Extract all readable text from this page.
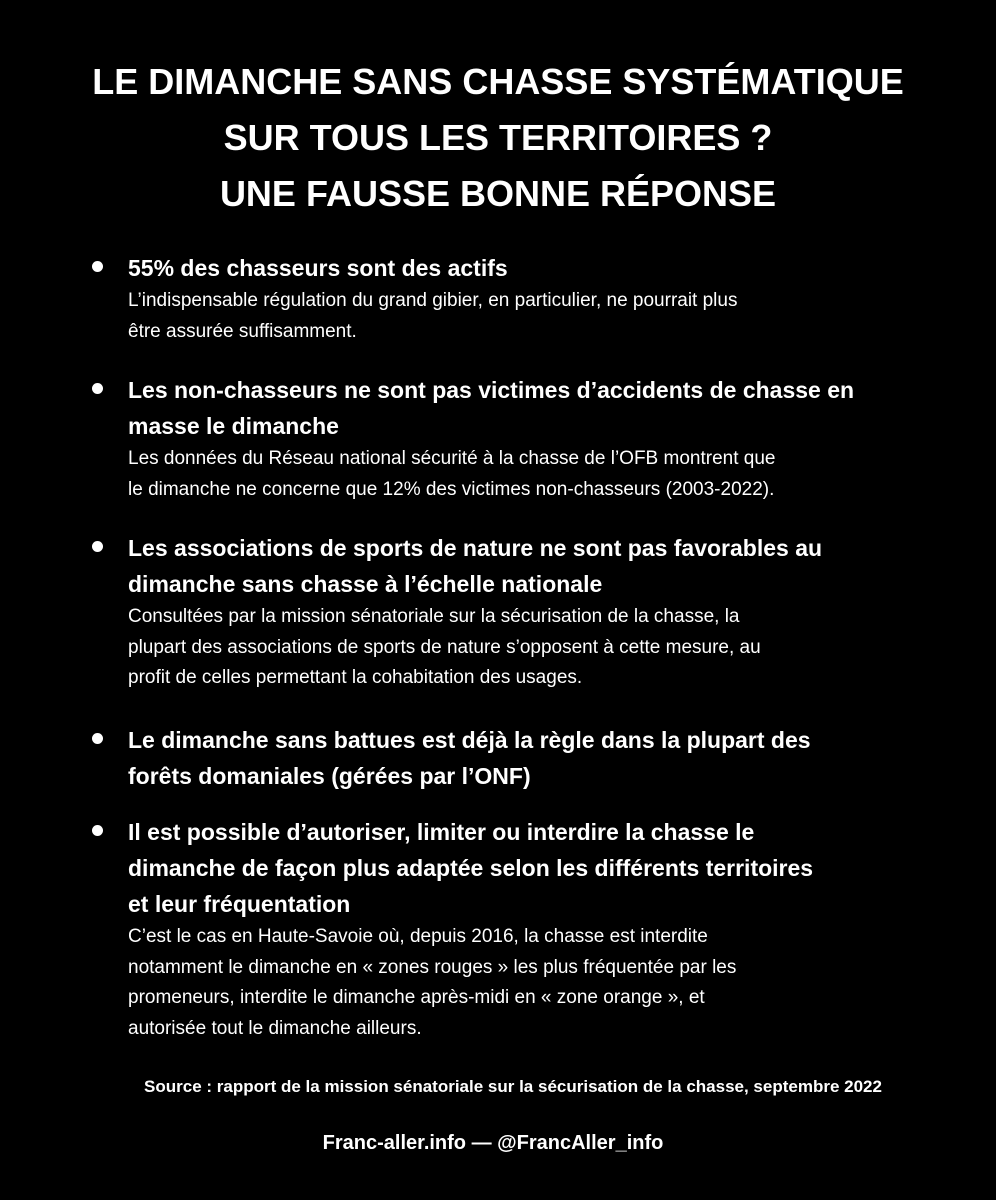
LE DIMANCHE SANS CHASSE SYSTÉMATIQUE
SUR TOUS LES TERRITOIRES ?
UNE FAUSSE BONNE RÉPONSE
55% des chasseurs sont des actifs
L’indispensable régulation du grand gibier, en particulier, ne pourrait plus
être assurée suffisamment.
Les non-chasseurs ne sont pas victimes d’accidents de chasse en
masse le dimanche
Les données du Réseau national sécurité à la chasse de l’OFB montrent que
le dimanche ne concerne que 12% des victimes non-chasseurs (2003-2022).
Les associations de sports de nature ne sont pas favorables au
dimanche sans chasse à l’échelle nationale
Consultées par la mission sénatoriale sur la sécurisation de la chasse, la
plupart des associations de sports de nature s’opposent à cette mesure, au
profit de celles permettant la cohabitation des usages.
Le dimanche sans battues est déjà la règle dans la plupart des
forêts domaniales (gérées par l’ONF)
Il est possible d’autoriser, limiter ou interdire la chasse le
dimanche de façon plus adaptée selon les différents territoires
et leur fréquentation
C’est le cas en Haute-Savoie où, depuis 2016, la chasse est interdite
notamment le dimanche en « zones rouges » les plus fréquentée par les
promeneurs, interdite le dimanche après-midi en « zone orange », et
autorisée tout le dimanche ailleurs.
Source : rapport de la mission sénatoriale sur la sécurisation de la chasse, septembre 2022
Franc-aller.info — @FrancAller_info
